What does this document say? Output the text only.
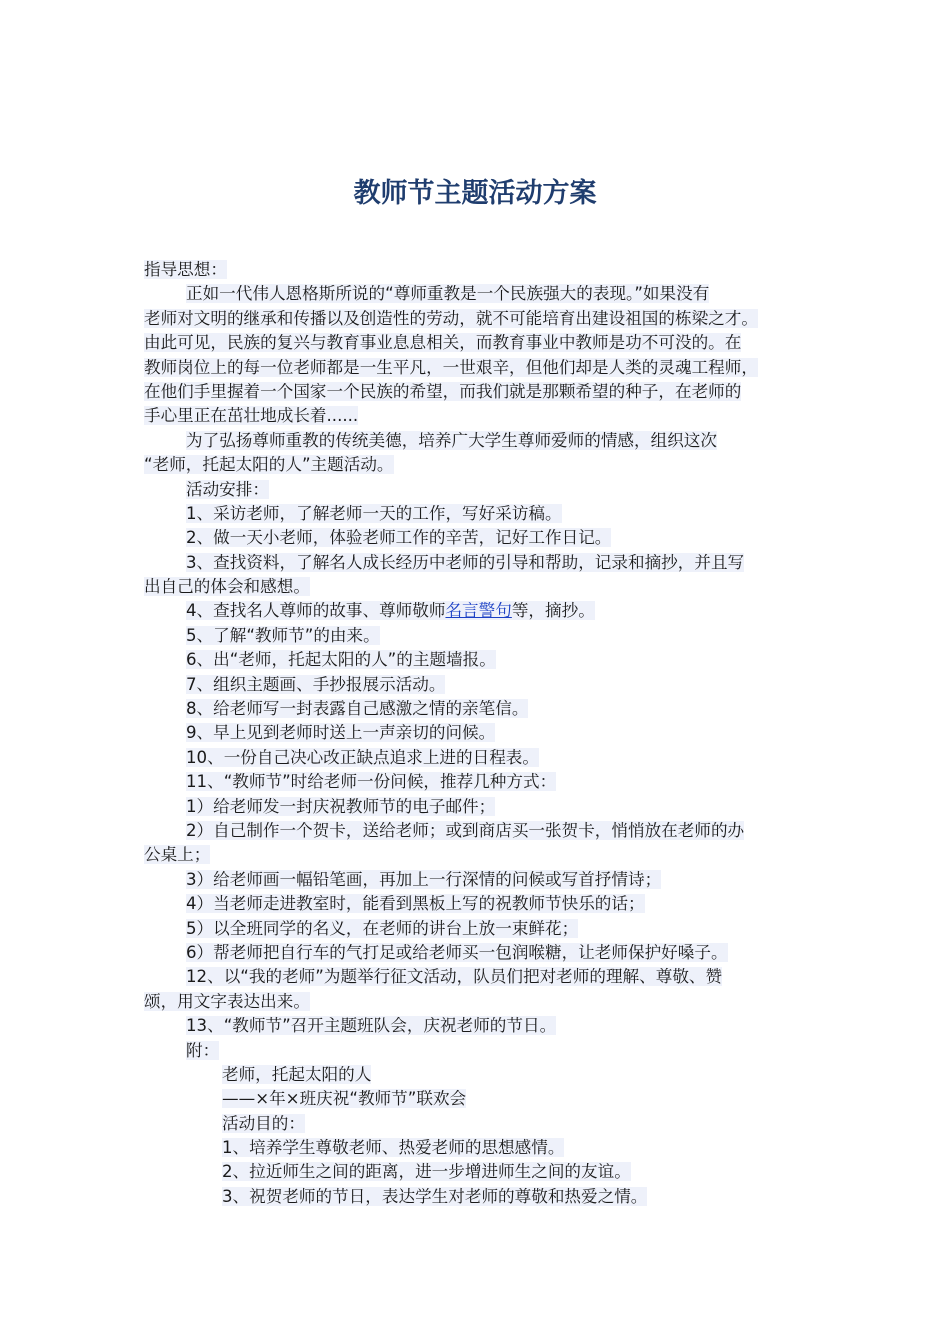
教师节主题活动方案
指导思想：
正如一代伟人恩格斯所说的“尊师重教是一个民族强大的表现。”如果没有
老师对文明的继承和传播以及创造性的劳动，就不可能培育出建设祖国的栋梁之才。
由此可见，民族的复兴与教育事业息息相关，而教育事业中教师是功不可没的。在
教师岗位上的每一位老师都是一生平凡，一世艰辛，但他们却是人类的灵魂工程师，
在他们手里握着一个国家一个民族的希望，而我们就是那颗希望的种子，在老师的
手心里正在茁壮地成长着......
为了弘扬尊师重教的传统美德，培养广大学生尊师爱师的情感，组织这次
“老师，托起太阳的人”主题活动。
活动安排：
1、采访老师，了解老师一天的工作，写好采访稿。
2、做一天小老师，体验老师工作的辛苦，记好工作日记。
3、查找资料，了解名人成长经历中老师的引导和帮助，记录和摘抄，并且写
出自己的体会和感想。
4、查找名人尊师的故事、尊师敬师名言警句等，摘抄。
5、了解“教师节”的由来。
6、出“老师，托起太阳的人”的主题墙报。
7、组织主题画、手抄报展示活动。
8、给老师写一封表露自己感激之情的亲笔信。
9、早上见到老师时送上一声亲切的问候。
10、一份自己决心改正缺点追求上进的日程表。
11、“教师节”时给老师一份问候，推荐几种方式：
1）给老师发一封庆祝教师节的电子邮件；
2）自己制作一个贺卡，送给老师；或到商店买一张贺卡，悄悄放在老师的办
公桌上；
3）给老师画一幅铅笔画，再加上一行深情的问候或写首抒情诗；
4）当老师走进教室时，能看到黑板上写的祝教师节快乐的话；
5）以全班同学的名义，在老师的讲台上放一束鲜花；
6）帮老师把自行车的气打足或给老师买一包润喉糖，让老师保护好嗓子。
12、以“我的老师”为题举行征文活动，队员们把对老师的理解、尊敬、赞
颂，用文字表达出来。
13、“教师节”召开主题班队会，庆祝老师的节日。
附：
老师，托起太阳的人
——×年×班庆祝“教师节”联欢会
活动目的：
1、培养学生尊敬老师、热爱老师的思想感情。
2、拉近师生之间的距离，进一步增进师生之间的友谊。
3、祝贺老师的节日，表达学生对老师的尊敬和热爱之情。
